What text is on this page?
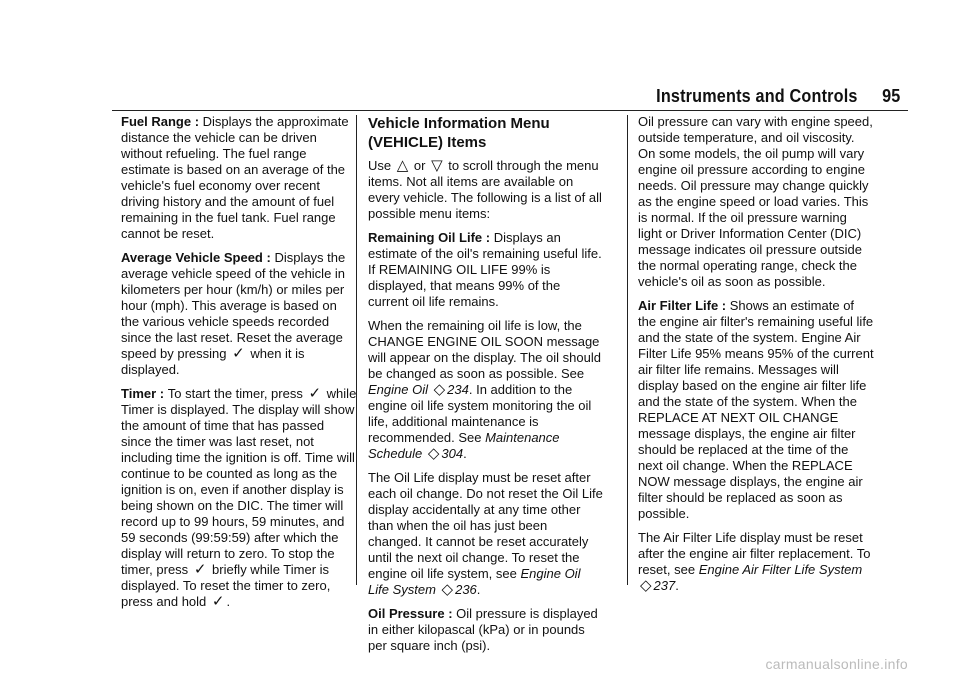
Instruments and Controls 95

Fuel Range : Displays the approximate distance the vehicle can be driven without refueling. The fuel range estimate is based on an average of the vehicle's fuel economy over recent driving history and the amount of fuel remaining in the fuel tank. Fuel range cannot be reset.

Average Vehicle Speed : Displays the average vehicle speed of the vehicle in kilometers per hour (km/h) or miles per hour (mph). This average is based on the various vehicle speeds recorded since the last reset. Reset the average speed by pressing ✓ when it is displayed.

Timer : To start the timer, press ✓ while Timer is displayed. The display will show the amount of time that has passed since the timer was last reset, not including time the ignition is off. Time will continue to be counted as long as the ignition is on, even if another display is being shown on the DIC. The timer will record up to 99 hours, 59 minutes, and 59 seconds (99:59:59) after which the display will return to zero. To stop the timer, press ✓ briefly while Timer is displayed. To reset the timer to zero, press and hold ✓ .

Vehicle Information Menu (VEHICLE) Items

Use △ or ▽ to scroll through the menu items. Not all items are available on every vehicle. The following is a list of all possible menu items:

Remaining Oil Life : Displays an estimate of the oil's remaining useful life. If REMAINING OIL LIFE 99% is displayed, that means 99% of the current oil life remains.

When the remaining oil life is low, the CHANGE ENGINE OIL SOON message will appear on the display. The oil should be changed as soon as possible. See Engine Oil ◇ 234. In addition to the engine oil life system monitoring the oil life, additional maintenance is recommended. See Maintenance Schedule ◇ 304.

The Oil Life display must be reset after each oil change. Do not reset the Oil Life display accidentally at any time other than when the oil has just been changed. It cannot be reset accurately until the next oil change. To reset the engine oil life system, see Engine Oil Life System ◇ 236.

Oil Pressure : Oil pressure is displayed in either kilopascal (kPa) or in pounds per square inch (psi).

Oil pressure can vary with engine speed, outside temperature, and oil viscosity. On some models, the oil pump will vary engine oil pressure according to engine needs. Oil pressure may change quickly as the engine speed or load varies. This is normal. If the oil pressure warning light or Driver Information Center (DIC) message indicates oil pressure outside the normal operating range, check the vehicle's oil as soon as possible.

Air Filter Life : Shows an estimate of the engine air filter's remaining useful life and the state of the system. Engine Air Filter Life 95% means 95% of the current air filter life remains. Messages will display based on the engine air filter life and the state of the system. When the REPLACE AT NEXT OIL CHANGE message displays, the engine air filter should be replaced at the time of the next oil change. When the REPLACE NOW message displays, the engine air filter should be replaced as soon as possible.

The Air Filter Life display must be reset after the engine air filter replacement. To reset, see Engine Air Filter Life System ◇ 237.

carmanualsonline.info
